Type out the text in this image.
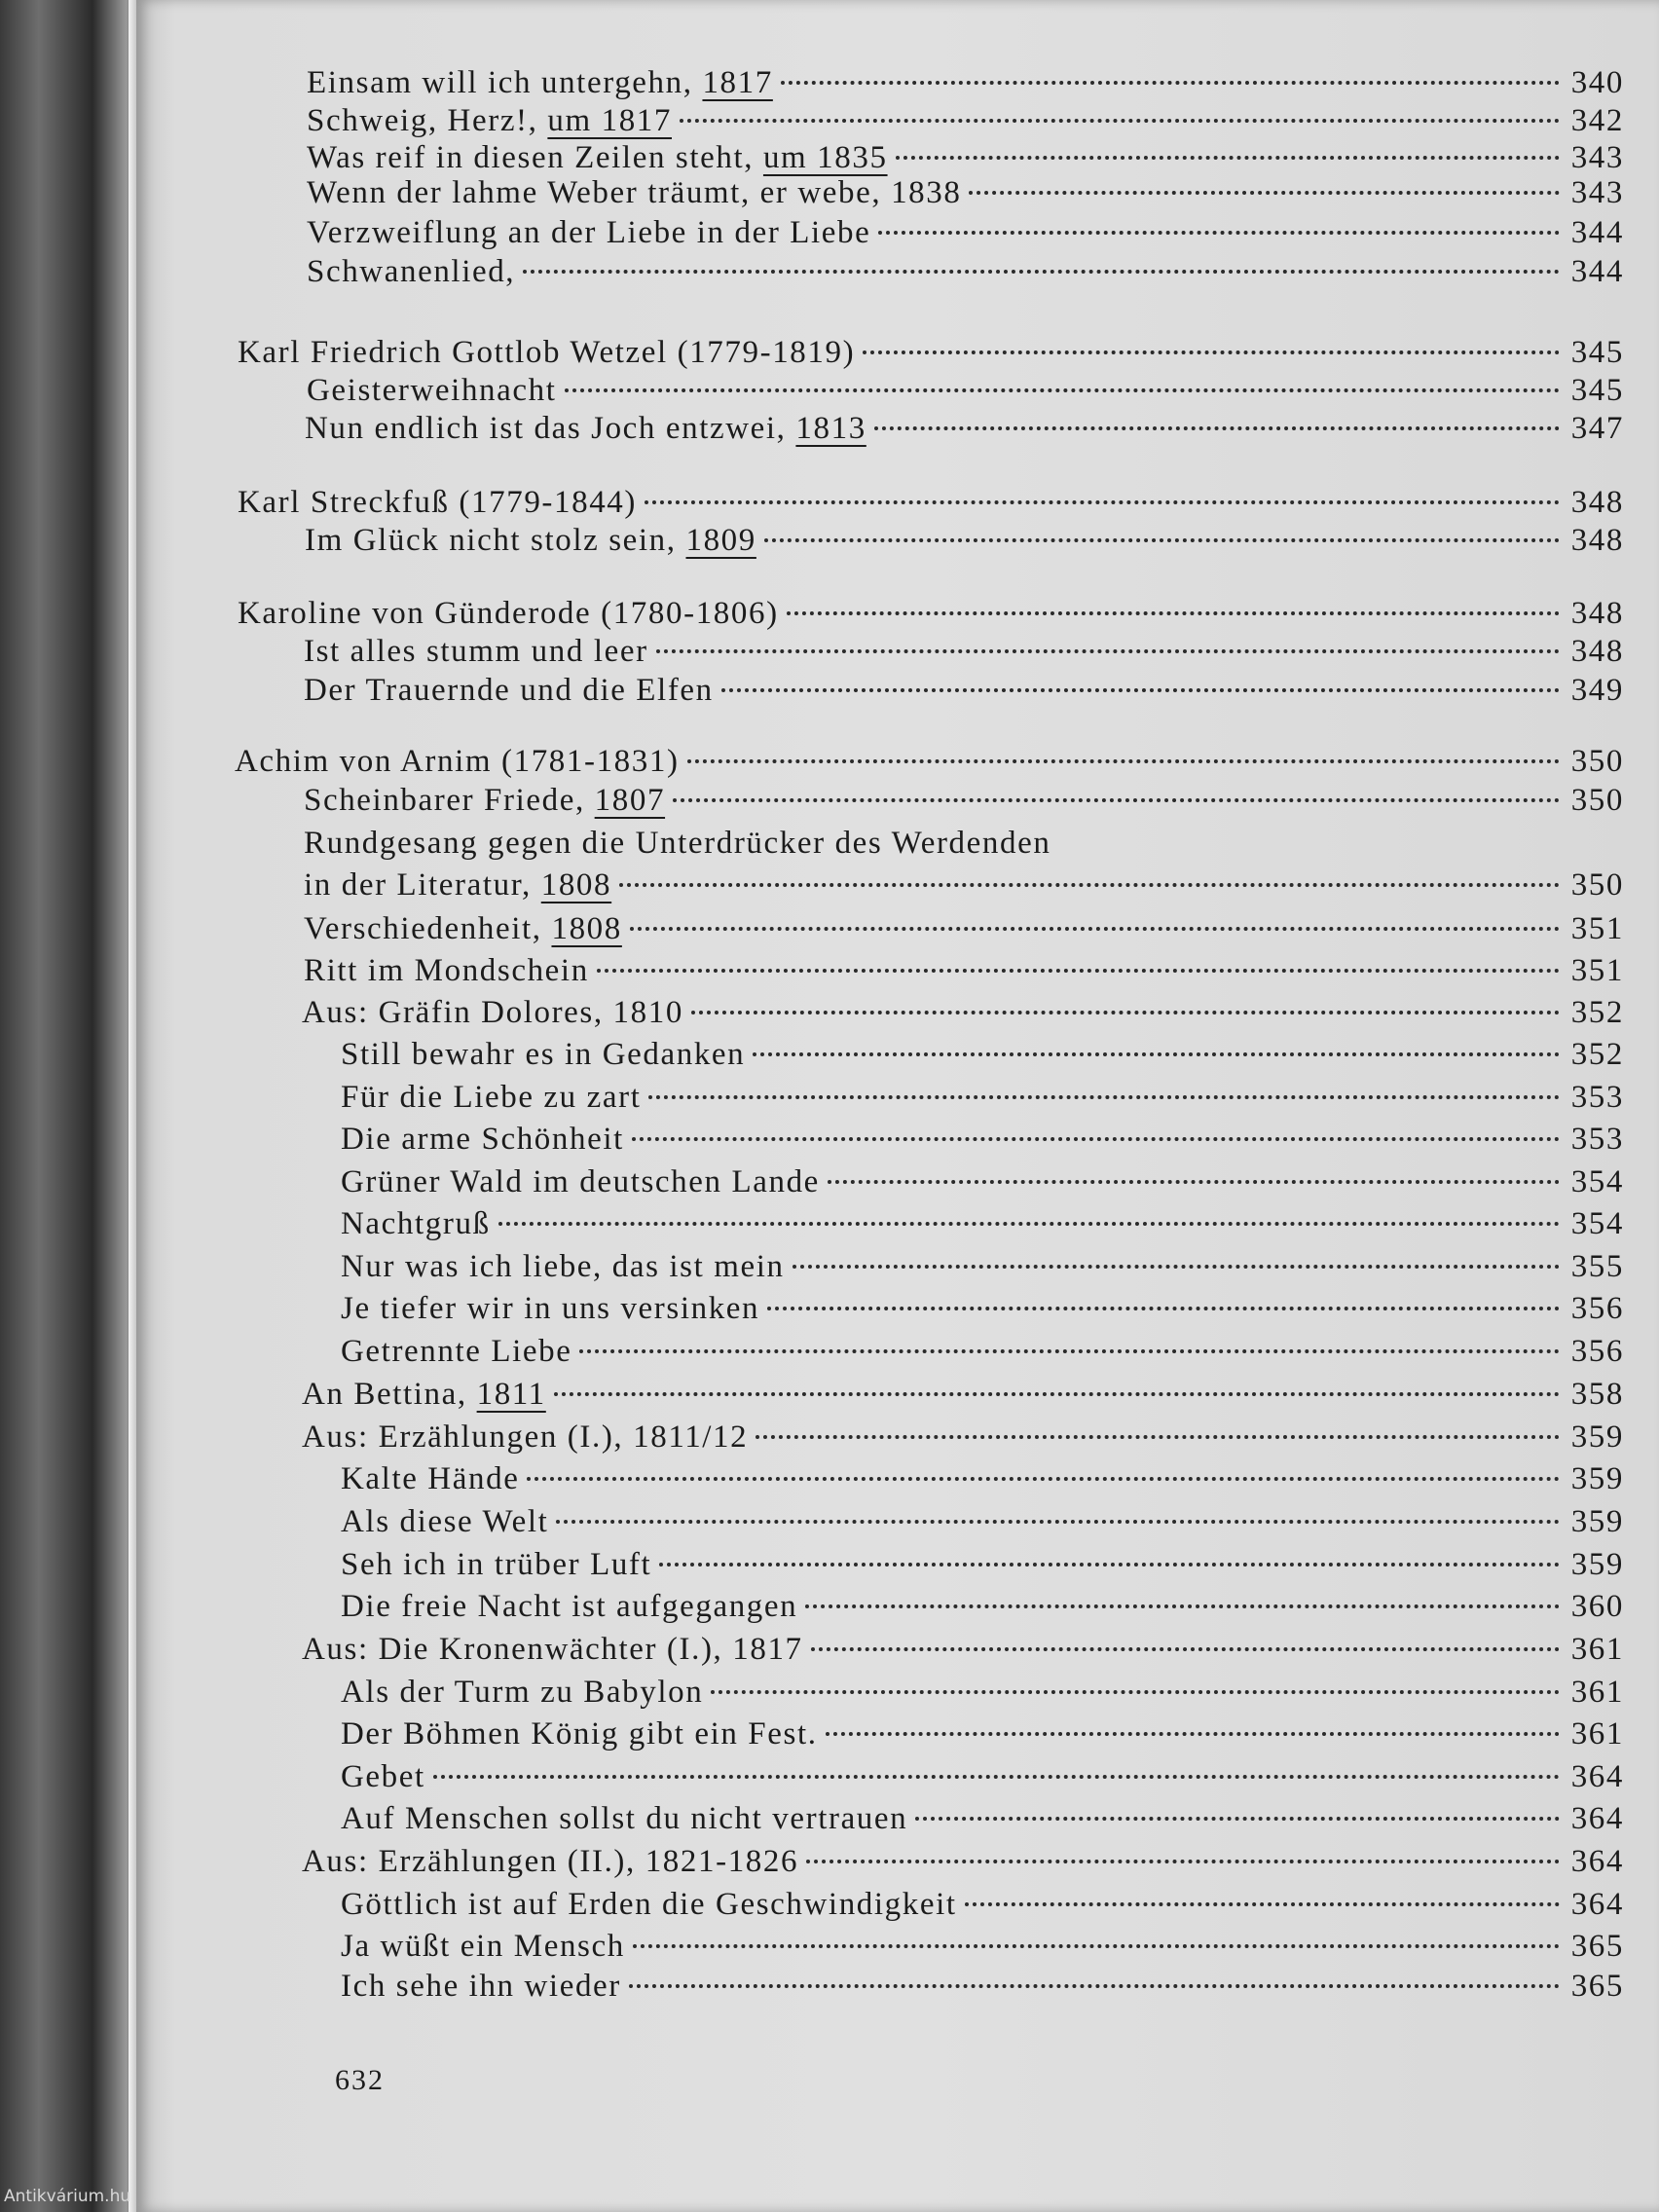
Einsam will ich untergehn, 1817	340
Schweig, Herz!, um 1817	342
Was reif in diesen Zeilen steht, um 1835	343
Wenn der lahme Weber träumt, er webe, 1838	343
Verzweiflung an der Liebe in der Liebe	344
Schwanenlied,	344
Karl Friedrich Gottlob Wetzel (1779-1819)	345
Geisterweihnacht	345
Nun endlich ist das Joch entzwei, 1813	347
Karl Streckfuß (1779-1844)	348
Im Glück nicht stolz sein, 1809	348
Karoline von Günderode (1780-1806)	348
Ist alles stumm und leer	348
Der Trauernde und die Elfen	349
Achim von Arnim (1781-1831)	350
Scheinbarer Friede, 1807	350
Rundgesang gegen die Unterdrücker des Werdenden
in der Literatur, 1808	350
Verschiedenheit, 1808	351
Ritt im Mondschein	351
Aus: Gräfin Dolores, 1810	352
Still bewahr es in Gedanken	352
Für die Liebe zu zart	353
Die arme Schönheit	353
Grüner Wald im deutschen Lande	354
Nachtgruß	354
Nur was ich liebe, das ist mein	355
Je tiefer wir in uns versinken	356
Getrennte Liebe	356
An Bettina, 1811	358
Aus: Erzählungen (I.), 1811/12	359
Kalte Hände	359
Als diese Welt	359
Seh ich in trüber Luft	359
Die freie Nacht ist aufgegangen	360
Aus: Die Kronenwächter (I.), 1817	361
Als der Turm zu Babylon	361
Der Böhmen König gibt ein Fest.	361
Gebet	364
Auf Menschen sollst du nicht vertrauen	364
Aus: Erzählungen (II.), 1821-1826	364
Göttlich ist auf Erden die Geschwindigkeit	364
Ja wüßt ein Mensch	365
Ich sehe ihn wieder	365
632
Antikvárium.hu
